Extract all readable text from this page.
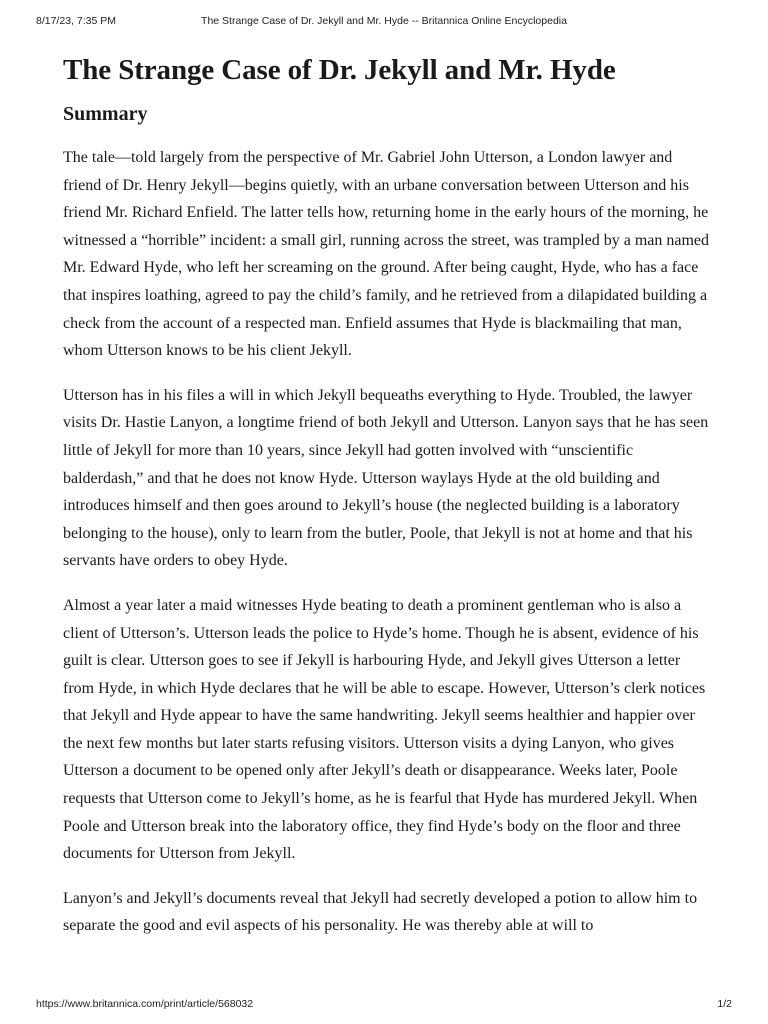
8/17/23, 7:35 PM	The Strange Case of Dr. Jekyll and Mr. Hyde -- Britannica Online Encyclopedia
The Strange Case of Dr. Jekyll and Mr. Hyde
Summary

The tale—told largely from the perspective of Mr. Gabriel John Utterson, a London lawyer and friend of Dr. Henry Jekyll—begins quietly, with an urbane conversation between Utterson and his friend Mr. Richard Enfield. The latter tells how, returning home in the early hours of the morning, he witnessed a “horrible” incident: a small girl, running across the street, was trampled by a man named Mr. Edward Hyde, who left her screaming on the ground. After being caught, Hyde, who has a face that inspires loathing, agreed to pay the child’s family, and he retrieved from a dilapidated building a check from the account of a respected man. Enfield assumes that Hyde is blackmailing that man, whom Utterson knows to be his client Jekyll.

Utterson has in his files a will in which Jekyll bequeaths everything to Hyde. Troubled, the lawyer visits Dr. Hastie Lanyon, a longtime friend of both Jekyll and Utterson. Lanyon says that he has seen little of Jekyll for more than 10 years, since Jekyll had gotten involved with “unscientific balderdash,” and that he does not know Hyde. Utterson waylays Hyde at the old building and introduces himself and then goes around to Jekyll’s house (the neglected building is a laboratory belonging to the house), only to learn from the butler, Poole, that Jekyll is not at home and that his servants have orders to obey Hyde.

Almost a year later a maid witnesses Hyde beating to death a prominent gentleman who is also a client of Utterson’s. Utterson leads the police to Hyde’s home. Though he is absent, evidence of his guilt is clear. Utterson goes to see if Jekyll is harbouring Hyde, and Jekyll gives Utterson a letter from Hyde, in which Hyde declares that he will be able to escape. However, Utterson’s clerk notices that Jekyll and Hyde appear to have the same handwriting. Jekyll seems healthier and happier over the next few months but later starts refusing visitors. Utterson visits a dying Lanyon, who gives Utterson a document to be opened only after Jekyll’s death or disappearance. Weeks later, Poole requests that Utterson come to Jekyll’s home, as he is fearful that Hyde has murdered Jekyll. When Poole and Utterson break into the laboratory office, they find Hyde’s body on the floor and three documents for Utterson from Jekyll.

Lanyon’s and Jekyll’s documents reveal that Jekyll had secretly developed a potion to allow him to separate the good and evil aspects of his personality. He was thereby able at will to

https://www.britannica.com/print/article/568032	1/2
